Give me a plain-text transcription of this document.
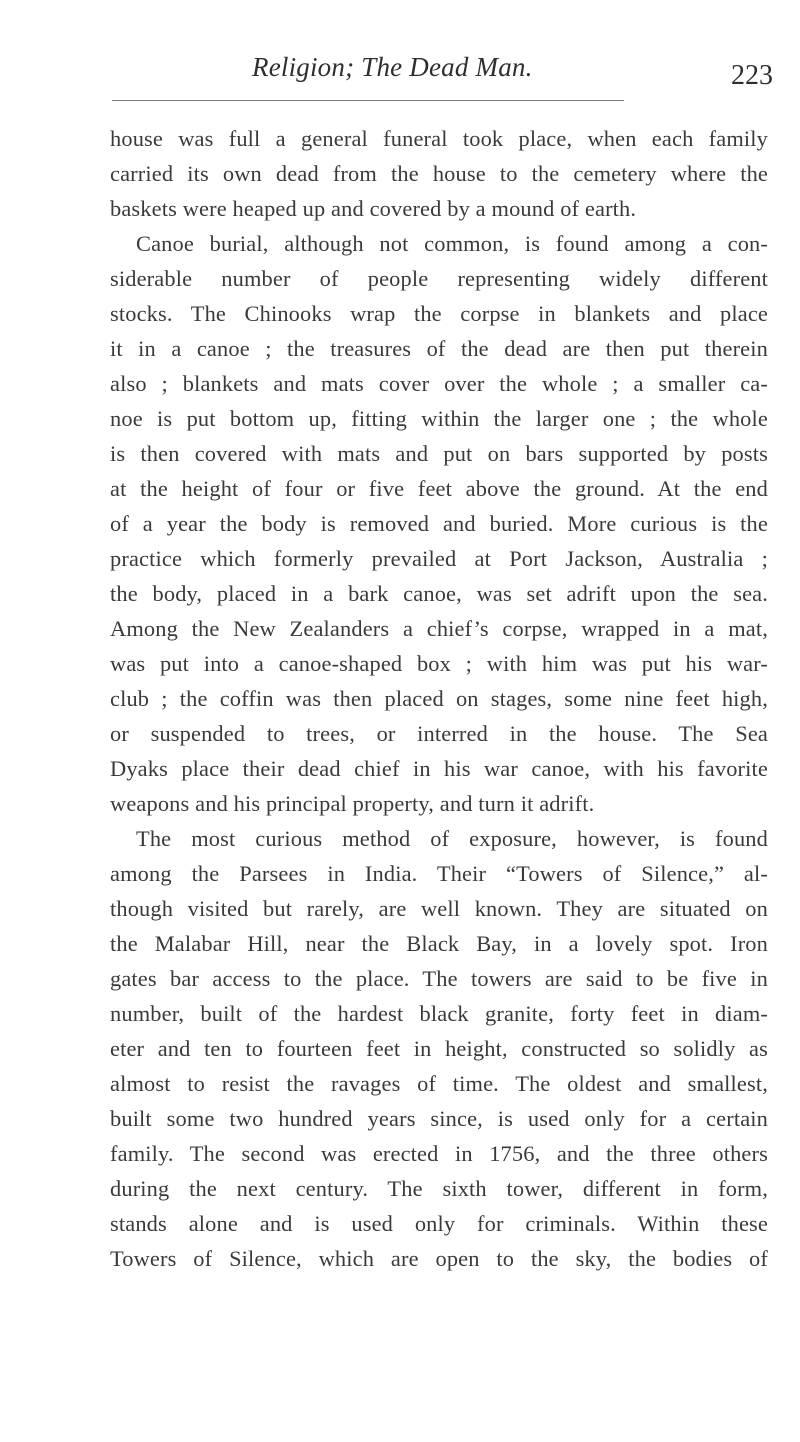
Religion; The Dead Man.	223
house was full a general funeral took place, when each family
carried its own dead from the house to the cemetery where the
baskets were heaped up and covered by a mound of earth.
Canoe burial, although not common, is found among a con-
siderable number of people representing widely different
stocks. The Chinooks wrap the corpse in blankets and place
it in a canoe ; the treasures of the dead are then put therein
also ; blankets and mats cover over the whole ; a smaller ca-
noe is put bottom up, fitting within the larger one ; the whole
is then covered with mats and put on bars supported by posts
at the height of four or five feet above the ground. At the end
of a year the body is removed and buried. More curious is the
practice which formerly prevailed at Port Jackson, Australia ;
the body, placed in a bark canoe, was set adrift upon the sea.
Among the New Zealanders a chief’s corpse, wrapped in a mat,
was put into a canoe-shaped box ; with him was put his war-
club ; the coffin was then placed on stages, some nine feet high,
or suspended to trees, or interred in the house. The Sea
Dyaks place their dead chief in his war canoe, with his favorite
weapons and his principal property, and turn it adrift.
The most curious method of exposure, however, is found
among the Parsees in India. Their “Towers of Silence,” al-
though visited but rarely, are well known. They are situated on
the Malabar Hill, near the Black Bay, in a lovely spot. Iron
gates bar access to the place. The towers are said to be five in
number, built of the hardest black granite, forty feet in diam-
eter and ten to fourteen feet in height, constructed so solidly as
almost to resist the ravages of time. The oldest and smallest,
built some two hundred years since, is used only for a certain
family. The second was erected in 1756, and the three others
during the next century. The sixth tower, different in form,
stands alone and is used only for criminals. Within these
Towers of Silence, which are open to the sky, the bodies of
